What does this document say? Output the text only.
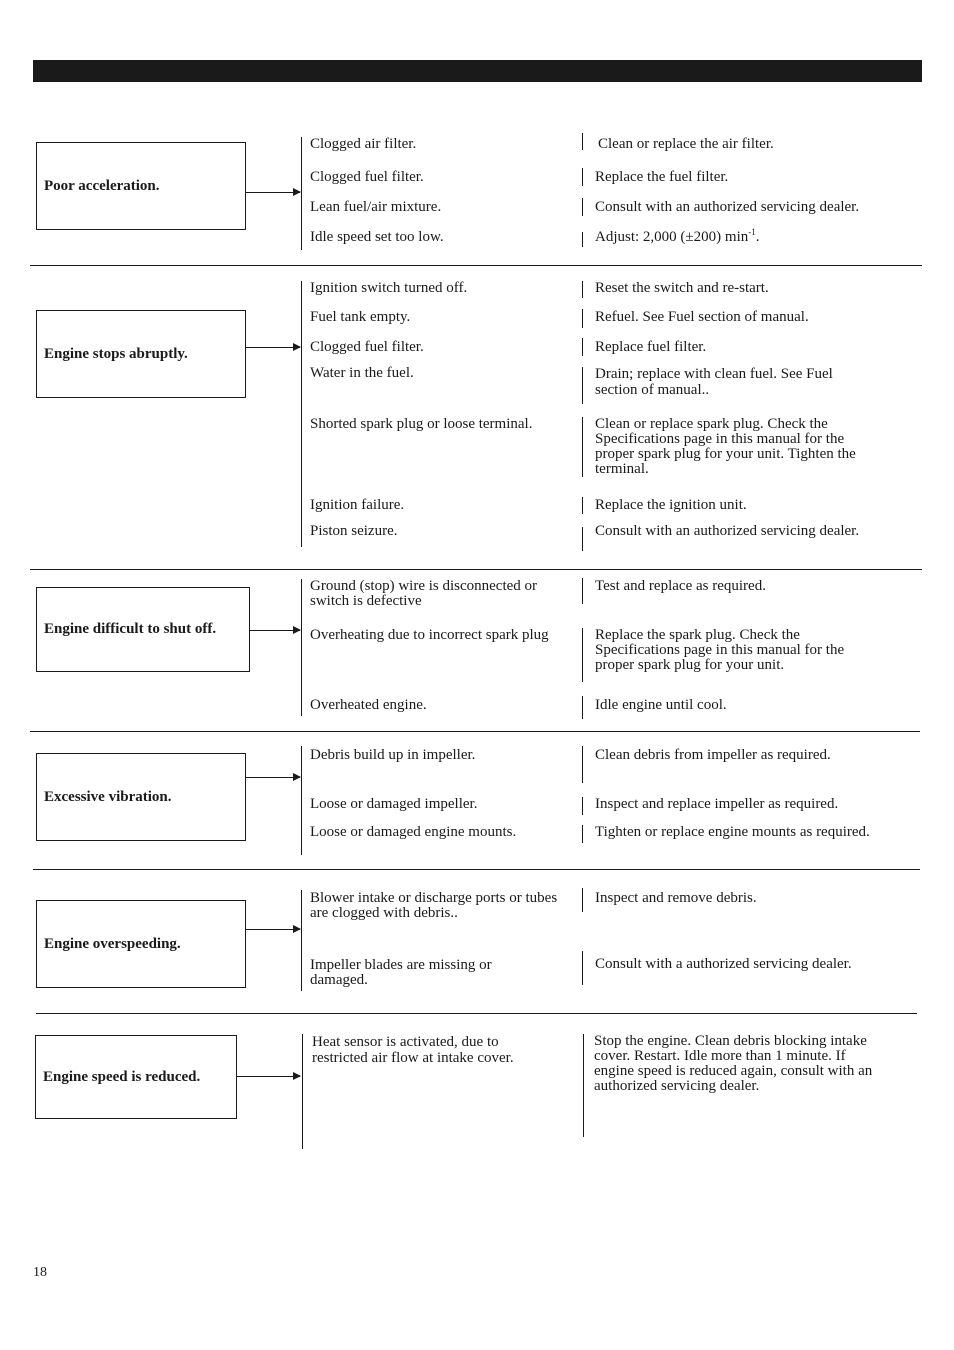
Poor acceleration.
Clogged air filter.
Clogged fuel filter.
Lean fuel/air mixture.
Idle speed set too low.
Clean or replace the air filter.
Replace the fuel filter.
Consult with an authorized servicing dealer.
Adjust: 2,000 (±200) $\min^{-1}$.
Engine stops abruptly.
Ignition switch turned off.
Fuel tank empty.
Clogged fuel filter.
Water in the fuel.
Shorted spark plug or loose terminal.
Ignition failure.
Piston seizure.
Reset the switch and re-start.
Refuel. See Fuel section of manual.
Replace fuel filter.
Drain; replace with clean fuel. See Fuel section of manual..
Clean or replace spark plug. Check the Specifications page in this manual for the proper spark plug for your unit. Tighten the terminal.
Replace the ignition unit.
Consult with an authorized servicing dealer.
Engine difficult to shut off.
Ground (stop) wire is disconnected or switch is defective
Overheating due to incorrect spark plug
Overheated engine.
Test and replace as required.
Replace the spark plug. Check the Specifications page in this manual for the proper spark plug for your unit.
Idle engine until cool.
Excessive vibration.
Debris build up in impeller.
Loose or damaged impeller.
Loose or damaged engine mounts.
Clean debris from impeller as required.
Inspect and replace impeller as required.
Tighten or replace engine mounts as required.
Engine overspeeding.
Blower intake or discharge ports or tubes are clogged with debris..
Impeller blades are missing or damaged.
Inspect and remove debris.
Consult with a authorized servicing dealer.
Engine speed is reduced.
Heat sensor is activated, due to restricted air flow at intake cover.
Stop the engine. Clean debris blocking intake cover. Restart. Idle more than 1 minute. If engine speed is reduced again, consult with an authorized servicing dealer.
18
